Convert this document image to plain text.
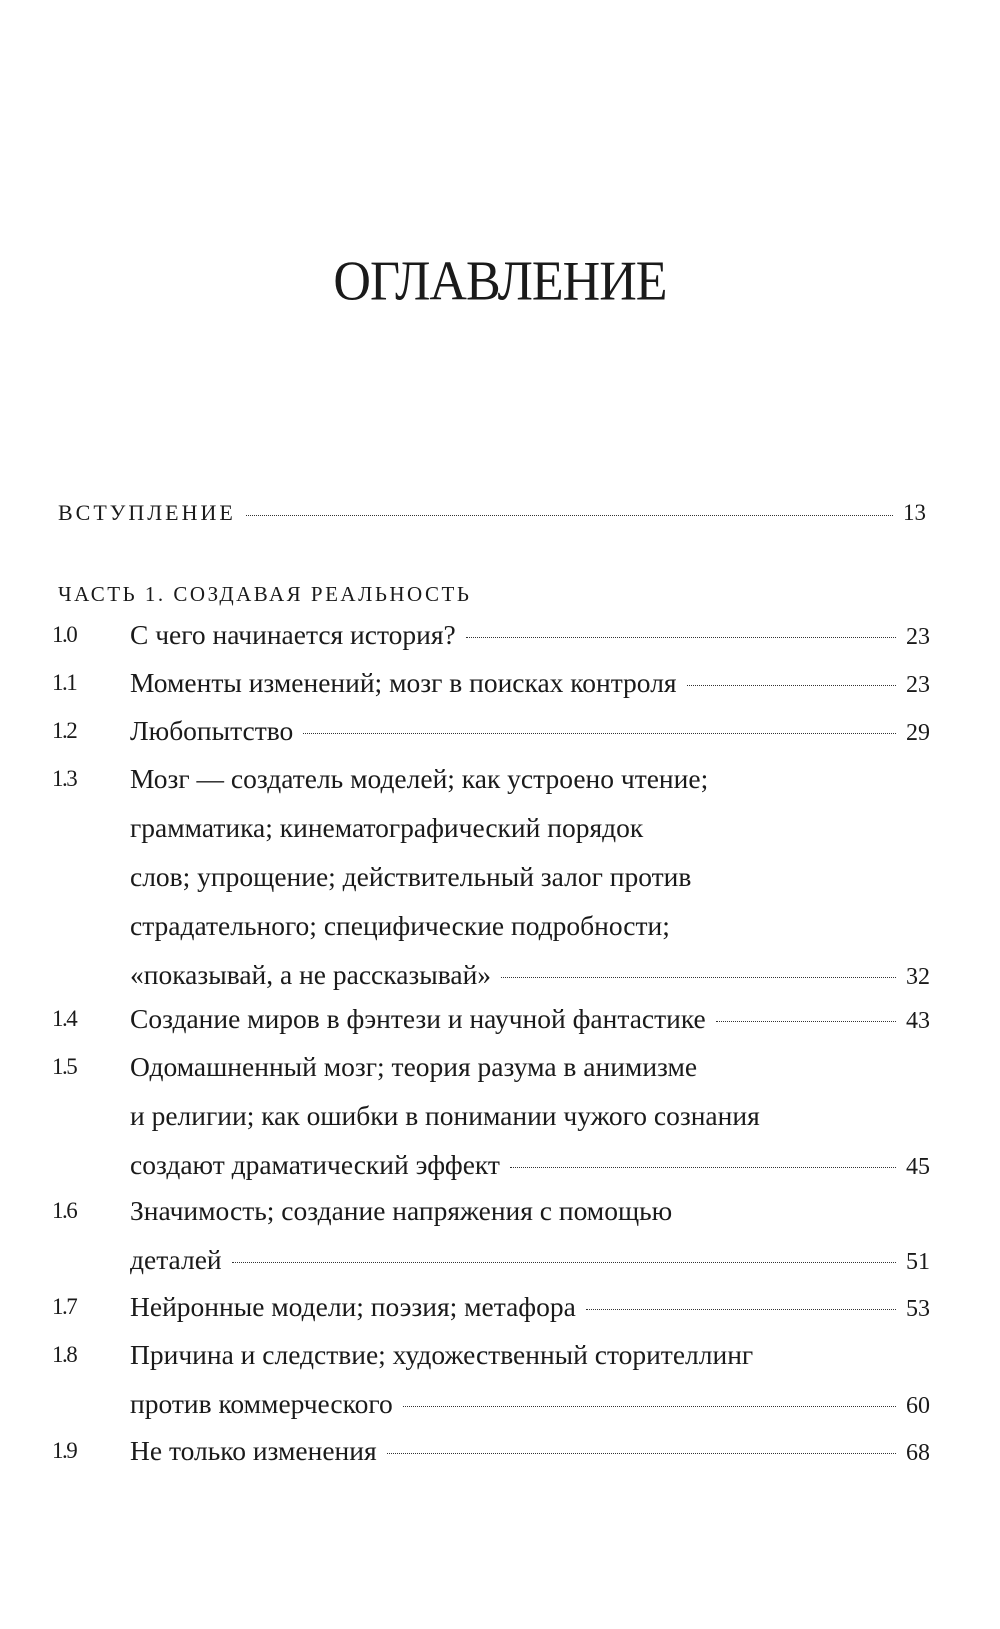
ОГЛАВЛЕНИЕ
ВСТУПЛЕНИЕ	13
ЧАСТЬ 1. СОЗДАВАЯ РЕАЛЬНОСТЬ
1.0 С чего начинается история?	23
1.1 Моменты изменений; мозг в поисках контроля	23
1.2 Любопытство	29
1.3 Мозг — создатель моделей; как устроено чтение;
грамматика; кинематографический порядок
слов; упрощение; действительный залог против
страдательного; специфические подробности;
«показывай, а не рассказывай»	32
1.4 Создание миров в фэнтези и научной фантастике	43
1.5 Одомашненный мозг; теория разума в анимизме
и религии; как ошибки в понимании чужого сознания
создают драматический эффект	45
1.6 Значимость; создание напряжения с помощью
деталей	51
1.7 Нейронные модели; поэзия; метафора	53
1.8 Причина и следствие; художественный сторителлинг
против коммерческого	60
1.9 Не только изменения	68
